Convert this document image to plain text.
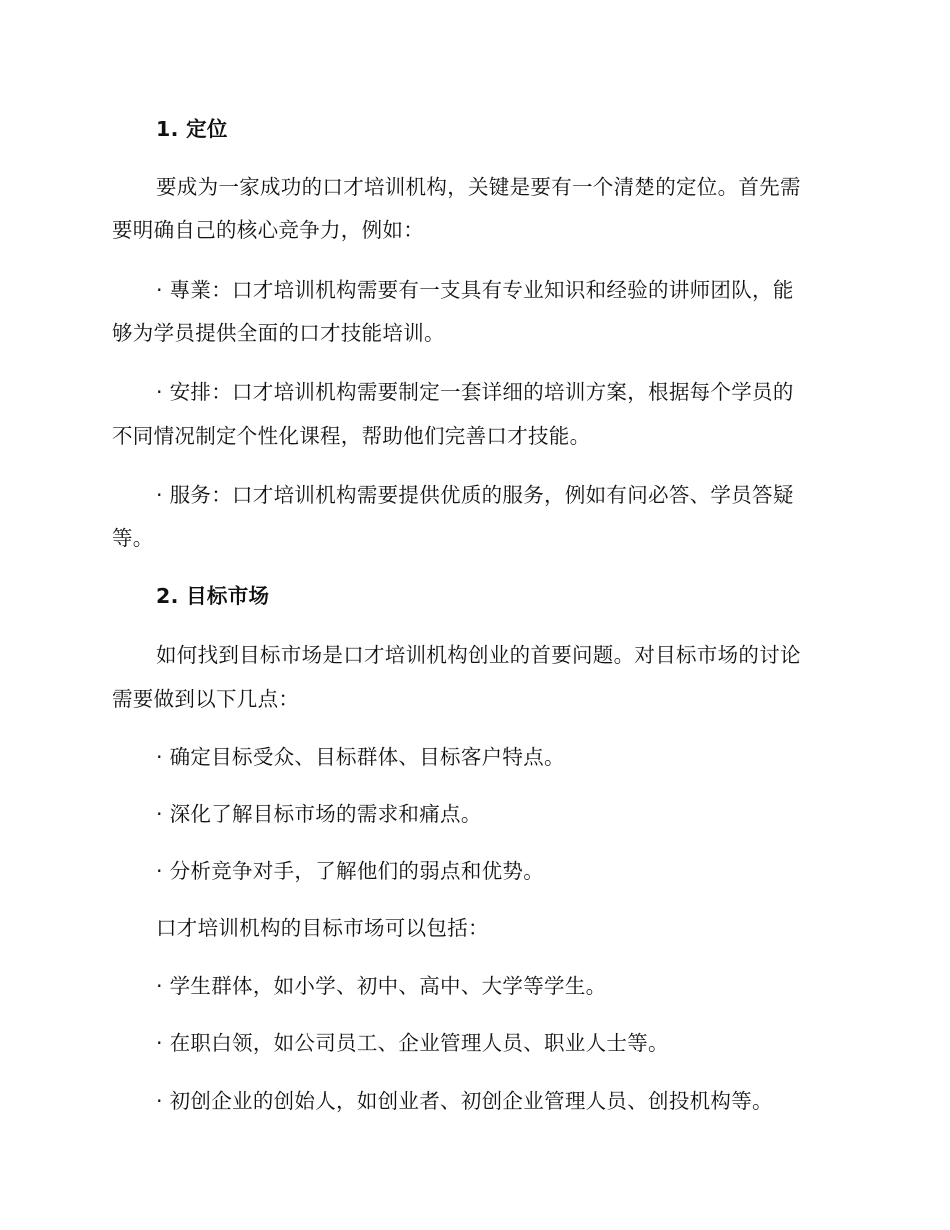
1. 定位
要成为一家成功的口才培训机构，关键是要有一个清楚的定位。首先需
要明确自己的核心竞争力，例如：
· 專業：口才培训机构需要有一支具有专业知识和经验的讲师团队，能
够为学员提供全面的口才技能培训。
· 安排：口才培训机构需要制定一套详细的培训方案，根据每个学员的
不同情况制定个性化课程，帮助他们完善口才技能。
· 服务：口才培训机构需要提供优质的服务，例如有问必答、学员答疑
等。
2. 目标市场
如何找到目标市场是口才培训机构创业的首要问题。对目标市场的讨论
需要做到以下几点：
· 确定目标受众、目标群体、目标客户特点。
· 深化了解目标市场的需求和痛点。
· 分析竞争对手，了解他们的弱点和优势。
口才培训机构的目标市场可以包括：
· 学生群体，如小学、初中、高中、大学等学生。
· 在职白领，如公司员工、企业管理人员、职业人士等。
· 初创企业的创始人，如创业者、初创企业管理人员、创投机构等。
